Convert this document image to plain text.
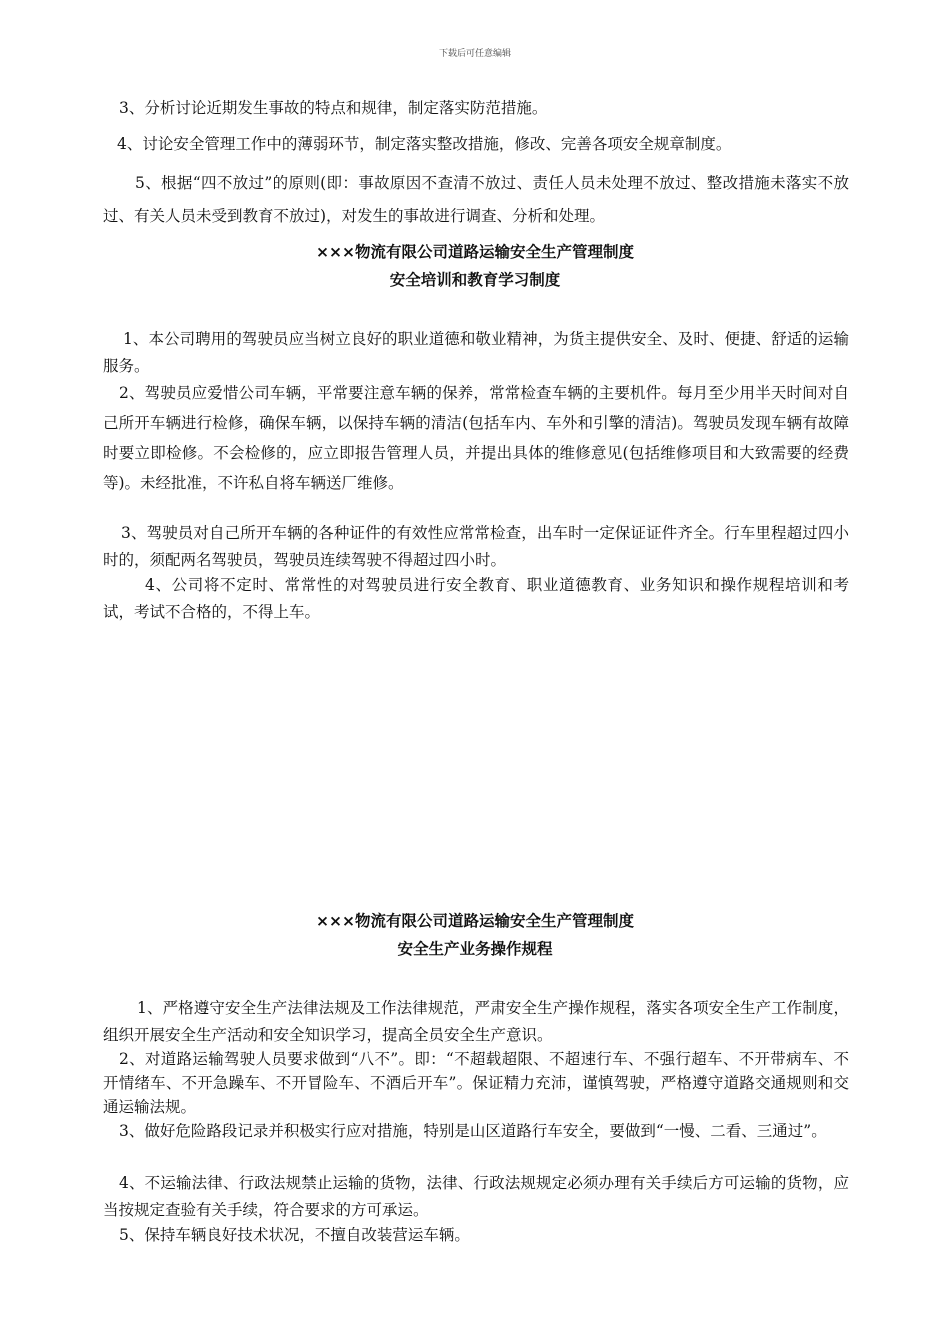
下载后可任意编辑

3、分析讨论近期发生事故的特点和规律，制定落实防范措施。

4、讨论安全管理工作中的薄弱环节，制定落实整改措施，修改、完善各项安全规章制度。

5、根据“四不放过”的原则(即：事故原因不查清不放过、责任人员未处理不放过、整改措施未落实不放过、有关人员未受到教育不放过)，对发生的事故进行调查、分析和处理。

×××物流有限公司道路运输安全生产管理制度
安全培训和教育学习制度

1、本公司聘用的驾驶员应当树立良好的职业道德和敬业精神，为货主提供安全、及时、便捷、舒适的运输服务。

2、驾驶员应爱惜公司车辆，平常要注意车辆的保养，常常检查车辆的主要机件。每月至少用半天时间对自己所开车辆进行检修，确保车辆，以保持车辆的清洁(包括车内、车外和引擎的清洁)。驾驶员发现车辆有故障时要立即检修。不会检修的，应立即报告管理人员，并提出具体的维修意见(包括维修项目和大致需要的经费等)。未经批准，不许私自将车辆送厂维修。

3、驾驶员对自己所开车辆的各种证件的有效性应常常检查，出车时一定保证证件齐全。行车里程超过四小时的，须配两名驾驶员，驾驶员连续驾驶不得超过四小时。

4、公司将不定时、常常性的对驾驶员进行安全教育、职业道德教育、业务知识和操作规程培训和考试，考试不合格的，不得上车。

×××物流有限公司道路运输安全生产管理制度
安全生产业务操作规程

1、严格遵守安全生产法律法规及工作法律规范，严肃安全生产操作规程，落实各项安全生产工作制度，组织开展安全生产活动和安全知识学习，提高全员安全生产意识。

2、对道路运输驾驶人员要求做到“八不”。即：“不超载超限、不超速行车、不强行超车、不开带病车、不开情绪车、不开急躁车、不开冒险车、不酒后开车”。保证精力充沛，谨慎驾驶，严格遵守道路交通规则和交通运输法规。

3、做好危险路段记录并积极实行应对措施，特别是山区道路行车安全，要做到“一慢、二看、三通过”。

4、不运输法律、行政法规禁止运输的货物，法律、行政法规规定必须办理有关手续后方可运输的货物，应当按规定查验有关手续，符合要求的方可承运。

5、保持车辆良好技术状况，不擅自改装营运车辆。
